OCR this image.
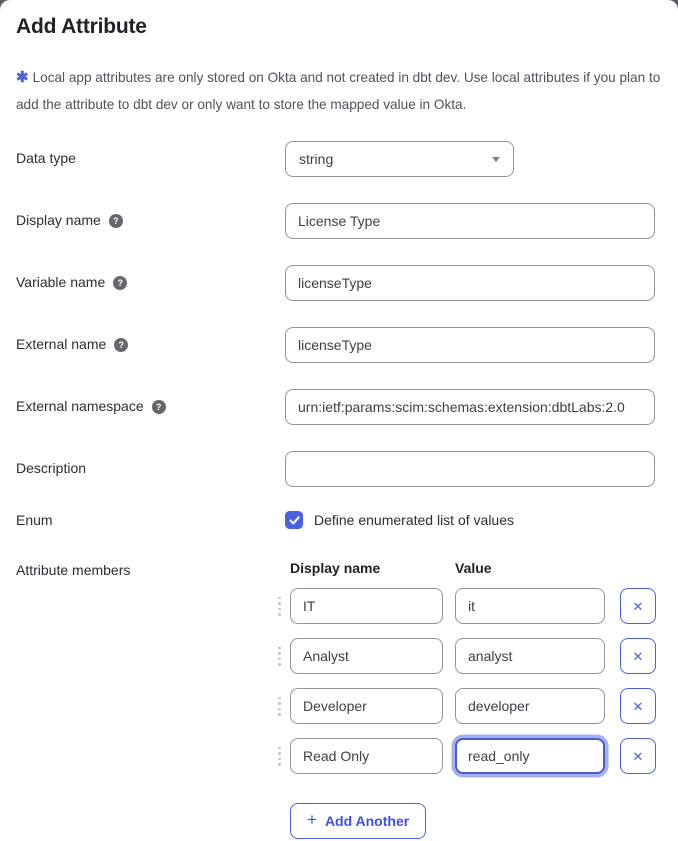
Add Attribute

✱ Local app attributes are only stored on Okta and not created in dbt dev. Use local attributes if you plan to add the attribute to dbt dev or only want to store the mapped value in Okta.

Data type	string
Display name ?
License Type
Variable name ?
licenseType
External name ?
licenseType
External namespace ?
urn:ietf:params:scim:schemas:extension:dbtLabs:2.0
Description
Enum	Define enumerated list of values
Attribute members	Display name	Value
IT
it
✕
Analyst
analyst
✕
Developer
developer
✕
Read Only
read_only
✕
+ Add Another
